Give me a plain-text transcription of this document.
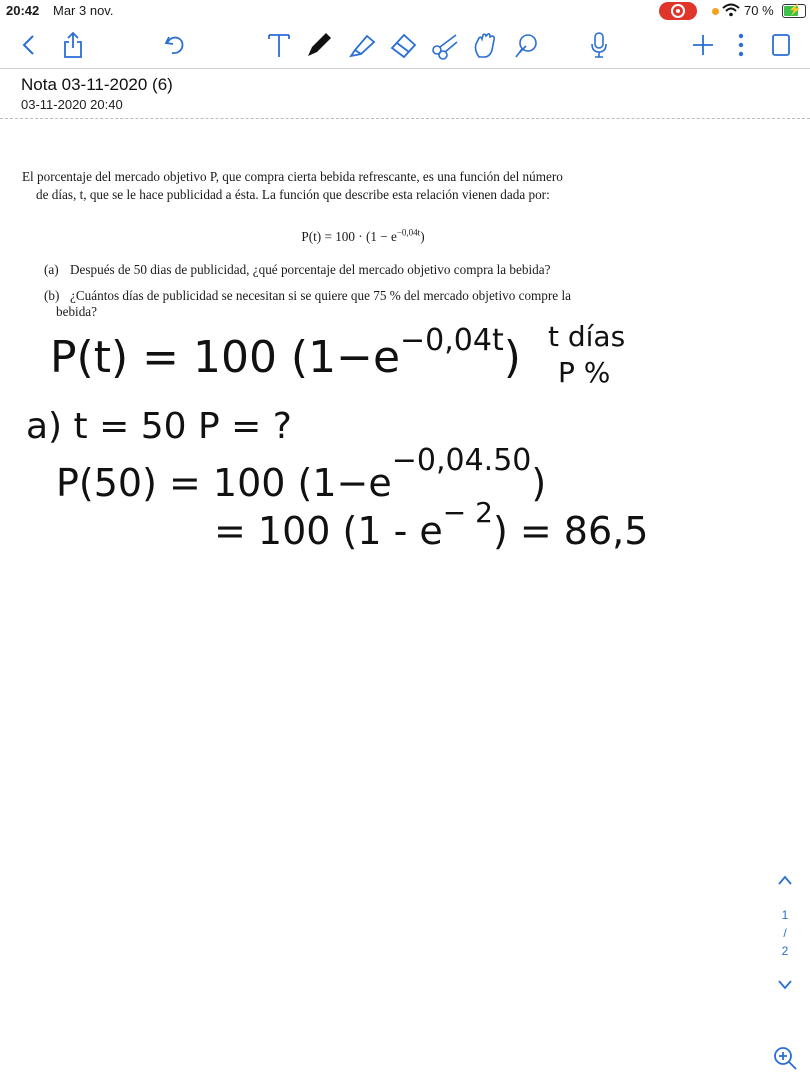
20:42 Mar 3 nov.	70 % ⚡
Nota 03-11-2020 (6)
03-11-2020 20:40
El porcentaje del mercado objetivo P, que compra cierta bebida refrescante, es una función del número
de días, t, que se le hace publicidad a ésta. La función que describe esta relación vienen dada por:
$P(t) = 100 \cdot (1 - e^{-0,04t})$
(a) Después de 50 dias de publicidad, ¿qué porcentaje del mercado objetivo compra la bebida?
(b) ¿Cuántos días de publicidad se necesitan si se quiere que 75 % del mercado objetivo compre la
bebida?
P(t) = 100 $(1-e^{-0,04t})$ t días
P %
a) t = 50 P = ?
P(50) = 100 $(1-e^{-0,04.50})$
= 100 $(1 - e^{- 2}) = 86,5$
1
/
2
